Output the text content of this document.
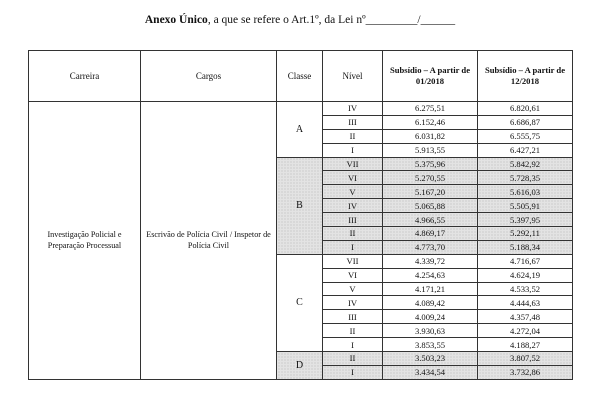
Anexo Único, a que se refere o Art.1º, da Lei nº_________/______
Carreira	Cargos	Classe	Nível	Subsídio – A partir de 01/2018	Subsídio – A partir de 12/2018
Investigação Policial e Preparação Processual	Escrivão de Polícia Civil / Inspetor de Polícia Civil	A	IV	6.275,51	6.820,61
			III	6.152,46	6.686,87
			II	6.031,82	6.555,75
			I	5.913,55	6.427,21
		B	VII	5.375,96	5.842,92
			VI	5.270,55	5.728,35
			V	5.167,20	5.616,03
			IV	5.065,88	5.505,91
			III	4.966,55	5.397,95
			II	4.869,17	5.292,11
			I	4.773,70	5.188,34
		C	VII	4.339,72	4.716,67
			VI	4.254,63	4.624,19
			V	4.171,21	4.533,52
			IV	4.089,42	4.444,63
			III	4.009,24	4.357,48
			II	3.930,63	4.272,04
			I	3.853,55	4.188,27
		D	II	3.503,23	3.807,52
			I	3.434,54	3.732,86
